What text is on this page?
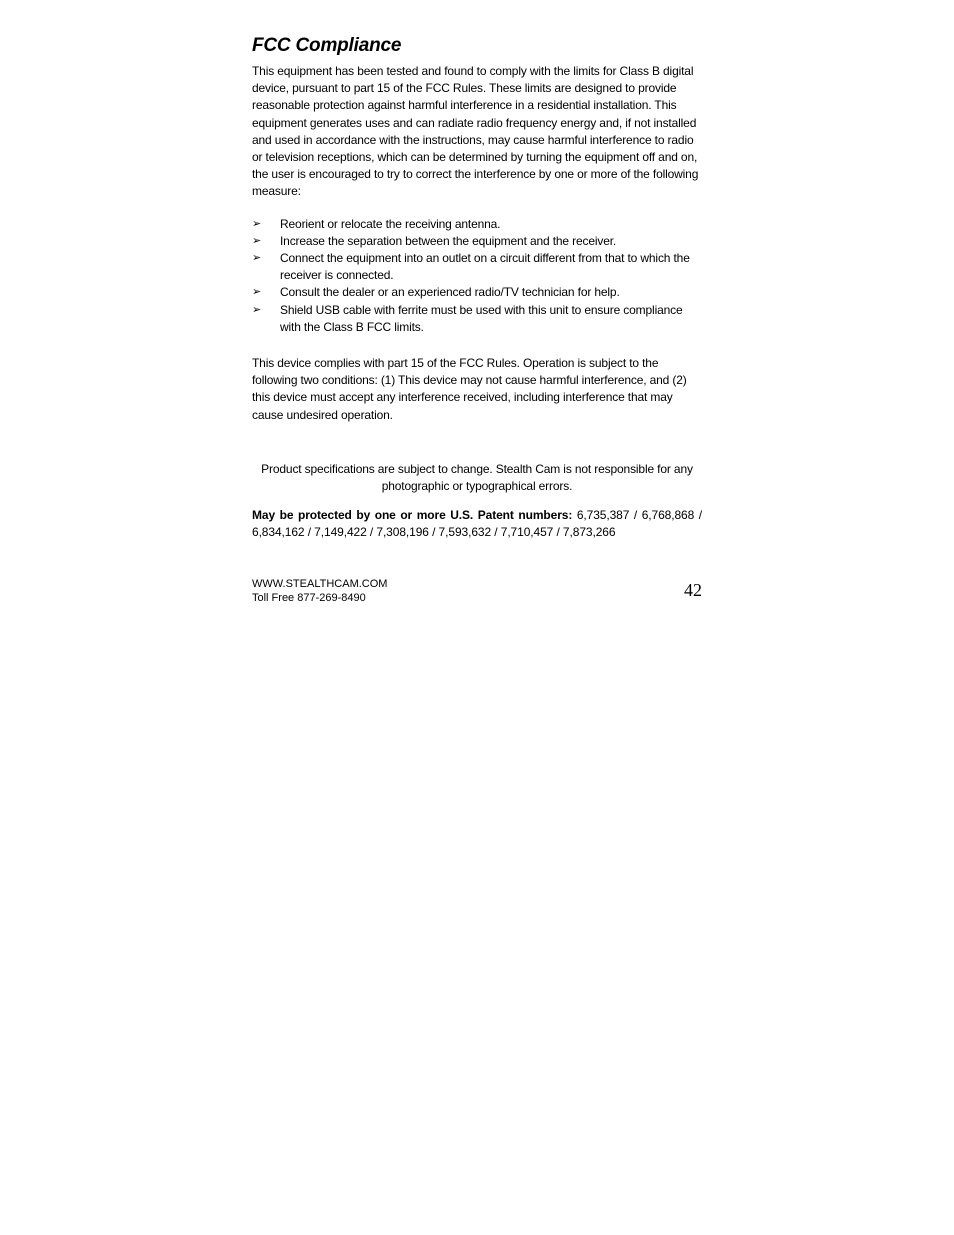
FCC Compliance

This equipment has been tested and found to comply with the limits for Class B digital device, pursuant to part 15 of the FCC Rules. These limits are designed to provide reasonable protection against harmful interference in a residential installation. This equipment generates uses and can radiate radio frequency energy and, if not installed and used in accordance with the instructions, may cause harmful interference to radio or television receptions, which can be determined by turning the equipment off and on, the user is encouraged to try to correct the interference by one or more of the following measure:

➢	Reorient or relocate the receiving antenna.
➢	Increase the separation between the equipment and the receiver.
➢	Connect the equipment into an outlet on a circuit different from that to which the receiver is connected.
➢	Consult the dealer or an experienced radio/TV technician for help.
➢	Shield USB cable with ferrite must be used with this unit to ensure compliance with the Class B FCC limits.

This device complies with part 15 of the FCC Rules. Operation is subject to the following two conditions: (1) This device may not cause harmful interference, and (2) this device must accept any interference received, including interference that may cause undesired operation.

Product specifications are subject to change. Stealth Cam is not responsible for any photographic or typographical errors.

May be protected by one or more U.S. Patent numbers: 6,735,387 / 6,768,868 / 6,834,162 / 7,149,422 / 7,308,196 / 7,593,632 / 7,710,457 / 7,873,266

WWW.STEALTHCAM.COM
Toll Free 877-269-8490	42
